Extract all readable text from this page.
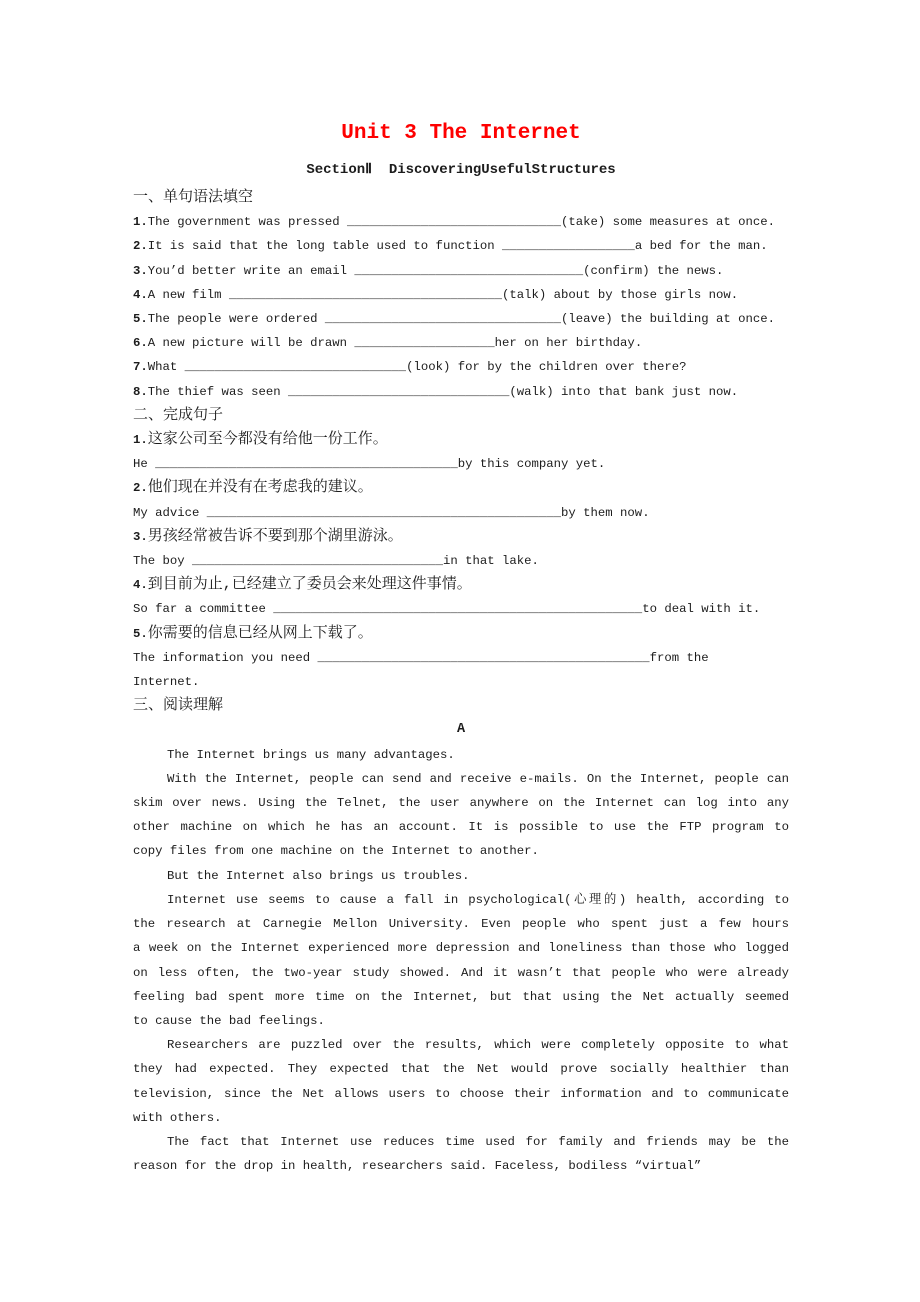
Unit 3 The Internet
SectionⅡ  DiscoveringUsefulStructures
一、单句语法填空
1.The government was pressed _____________________________(take) some measures at once.
2.It is said that the long table used to function __________________a bed for the man.
3.You’d better write an email _______________________________(confirm) the news.
4.A new film _____________________________________(talk) about by those girls now.
5.The people were ordered ________________________________(leave) the building at once.
6.A new picture will be drawn ___________________her on her birthday.
7.What ______________________________(look) for by the children over there?
8.The thief was seen ______________________________(walk) into that bank just now.
二、完成句子
1.这家公司至今都没有给他一份工作。
He _________________________________________by this company yet.
2.他们现在并没有在考虑我的建议。
My advice ________________________________________________by them now.
3.男孩经常被告诉不要到那个湖里游泳。
The boy __________________________________in that lake.
4.到目前为止,已经建立了委员会来处理这件事情。
So far a committee __________________________________________________to deal with it.
5.你需要的信息已经从网上下载了。
The information you need _____________________________________________from the
Internet.
三、阅读理解
A
The Internet brings us many advantages.
With the Internet, people can send and receive e-mails. On the Internet, people can
skim over news. Using the Telnet, the user anywhere on the Internet can log into any
other machine on which he has an account. It is possible to use the FTP program to
copy files from one machine on the Internet to another.
But the Internet also brings us troubles.
Internet use seems to cause a fall in psychological(心理的) health, according to
the research at Carnegie Mellon University. Even people who spent just a few hours
a week on the Internet experienced more depression and loneliness than those who logged
on less often, the two-year study showed. And it wasn’t that people who were already
feeling bad spent more time on the Internet, but that using the Net actually seemed
to cause the bad feelings.
Researchers are puzzled over the results, which were completely opposite to what
they had expected. They expected that the Net would prove socially healthier than
television, since the Net allows users to choose their information and to communicate
with others.
The fact that Internet use reduces time used for family and friends may be the
reason for the drop in health, researchers said. Faceless, bodiless “virtual”
